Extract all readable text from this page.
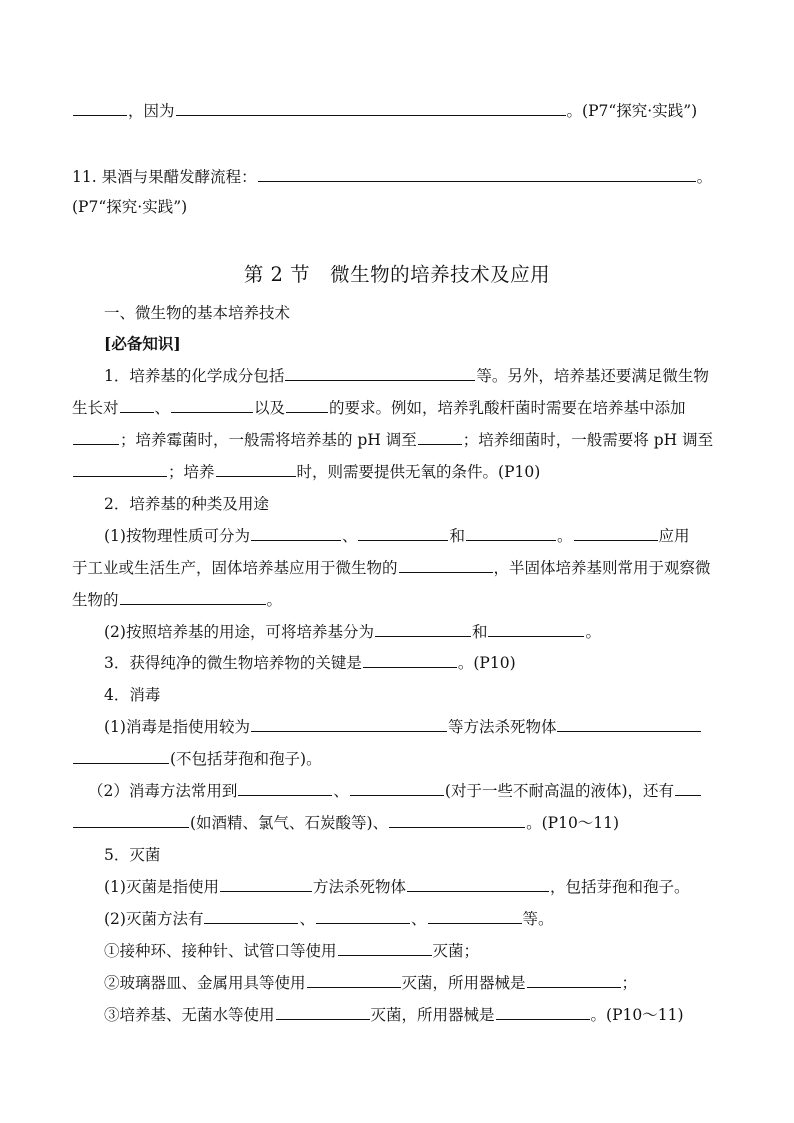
，因为	。(P7“探究·实践”)
11. 果酒与果醋发酵流程：	。
(P7“探究·实践”)
第 2 节　微生物的培养技术及应用
一、微生物的基本培养技术
[必备知识]
1．培养基的化学成分包括	等。另外，培养基还要满足微生物
生长对 、	以及	的要求。例如，培养乳酸杆菌时需要在培养基中添加
；培养霉菌时，一般需将培养基的 pH 调至	；培养细菌时，一般需要将 pH 调至
；培养	时，则需要提供无氧的条件。(P10)
2．培养基的种类及用途
(1)按物理性质可分为	、	和	。	应用
于工业或生活生产，固体培养基应用于微生物的	，半固体培养基则常用于观察微
生物的	。
(2)按照培养基的用途，可将培养基分为	和	。
3．获得纯净的微生物培养物的关键是	。(P10)
4．消毒
(1)消毒是指使用较为	等方法杀死物体
(不包括芽孢和孢子)。
（2）消毒方法常用到	、	(对于一些不耐高温的液体)，还有
(如酒精、氯气、石炭酸等)、	。(P10～11)
5．灭菌
(1)灭菌是指使用	方法杀死物体	，包括芽孢和孢子。
(2)灭菌方法有	、	、	等。
①接种环、接种针、试管口等使用	灭菌；
②玻璃器皿、金属用具等使用	灭菌，所用器械是	；
③培养基、无菌水等使用	灭菌，所用器械是	。(P10～11)
